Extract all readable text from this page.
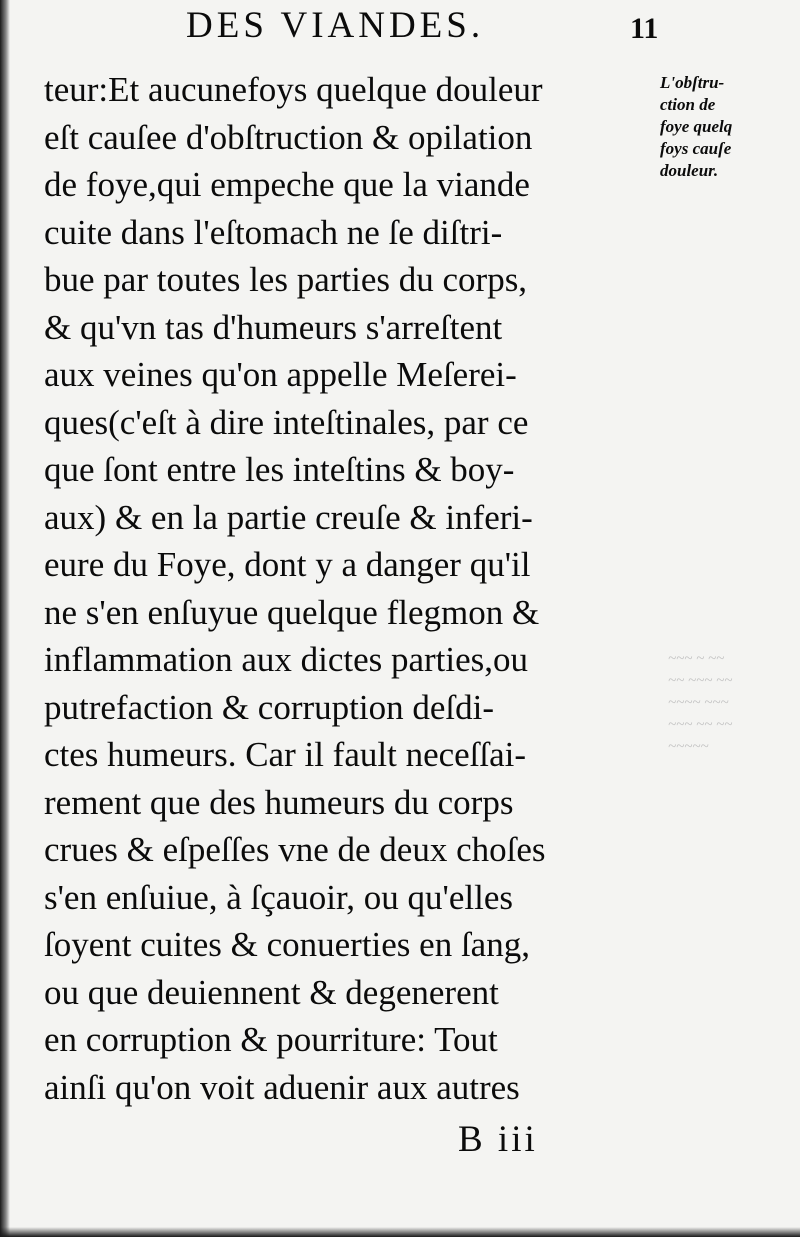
DES VIANDES.	11
teur:Et aucunefoys quelque douleur
eſt cauſee d'obſtruction & opilation
de foye,qui empeche que la viande
cuite dans l'eſtomach ne ſe diſtri-
bue par toutes les parties du corps,
& qu'vn tas d'humeurs s'arreſtent
aux veines qu'on appelle Meſerei-
ques(c'eſt à dire inteſtinales, par ce
que ſont entre les inteſtins & boy-
aux) & en la partie creuſe & inferi-
eure du Foye, dont y a danger qu'il
ne s'en enſuyue quelque flegmon &
inflammation aux dictes parties,ou
putrefaction & corruption deſdi-
ctes humeurs. Car il fault neceſſai-
rement que des humeurs du corps
crues & eſpeſſes vne de deux choſes
s'en enſuiue, à ſçauoir, ou qu'elles
ſoyent cuites & conuerties en ſang,
ou que deuiennent & degenerent
en corruption & pourriture: Tout
ainſi qu'on voit aduenir aux autres
L'obſtru-
ction de
foye quelq
foys cauſe
douleur.
~~~ ~ ~~
~~ ~~~ ~~
~~~~ ~~~
~~~ ~~ ~~
~~~~~
B iii
